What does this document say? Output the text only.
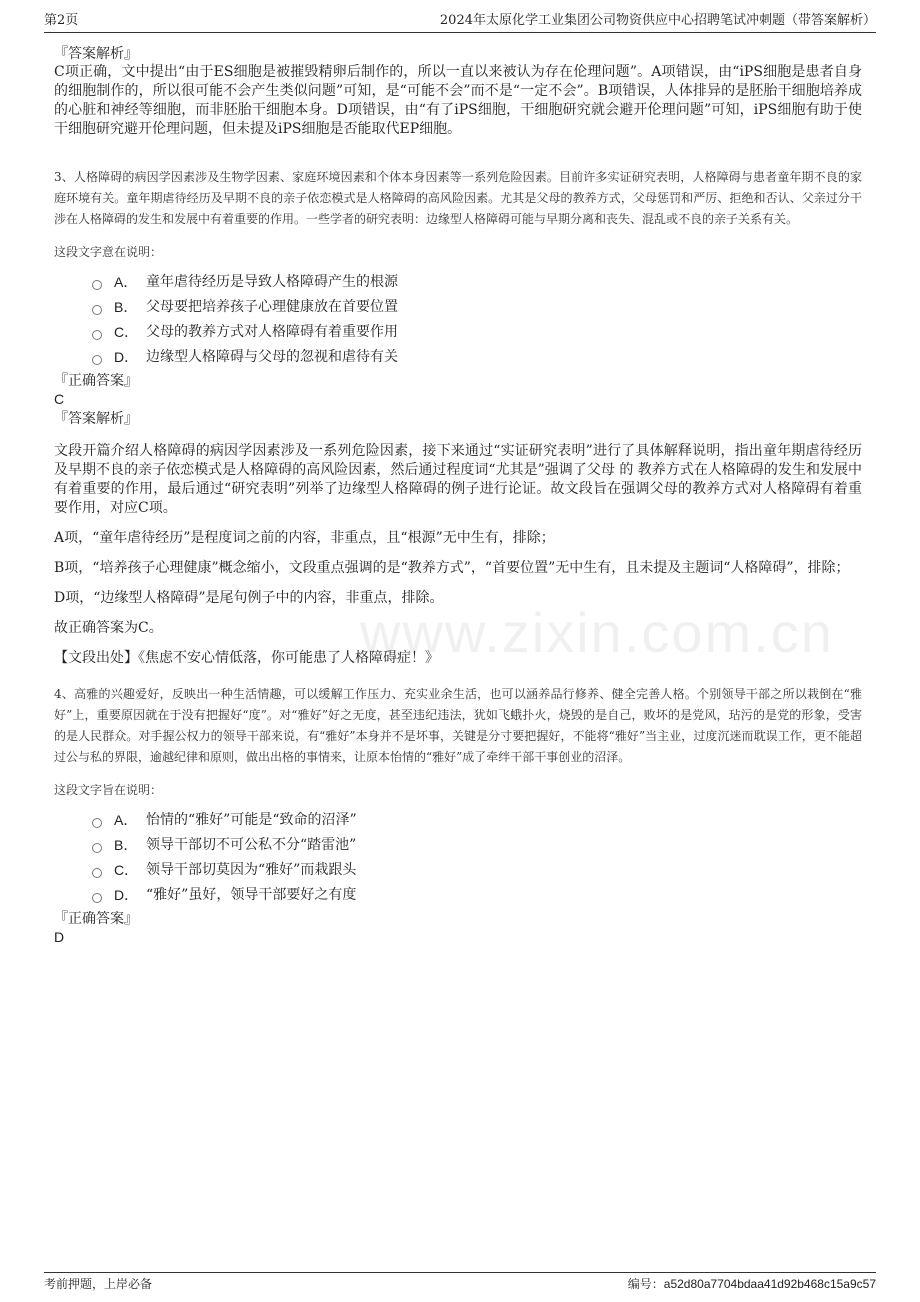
第2页	2024年太原化学工业集团公司物资供应中心招聘笔试冲刺题（带答案解析）
www.zixin.com.cn

『答案解析』

C项正确，文中提出“由于ES细胞是被摧毁精卵后制作的，所以一直以来被认为存在伦理问题”。A项错误，由“iPS细胞是患者自身的细胞制作的，所以很可能不会产生类似问题”可知，是“可能不会”而不是“一定不会”。B项错误，人体排异的是胚胎干细胞培养成的心脏和神经等细胞，而非胚胎干细胞本身。D项错误，由“有了iPS细胞，干细胞研究就会避开伦理问题”可知，iPS细胞有助于使干细胞研究避开伦理问题，但未提及iPS细胞是否能取代EP细胞。

3、人格障碍的病因学因素涉及生物学因素、家庭环境因素和个体本身因素等一系列危险因素。目前许多实证研究表明，人格障碍与患者童年期不良的家庭环境有关。童年期虐待经历及早期不良的亲子依恋模式是人格障碍的高风险因素。尤其是父母的教养方式，父母惩罚和严厉、拒绝和否认、父亲过分干涉在人格障碍的发生和发展中有着重要的作用。一些学者的研究表明：边缘型人格障碍可能与早期分离和丧失、混乱或不良的亲子关系有关。

这段文字意在说明：

A． 童年虐待经历是导致人格障碍产生的根源
B． 父母要把培养孩子心理健康放在首要位置
C． 父母的教养方式对人格障碍有着重要作用
D． 边缘型人格障碍与父母的忽视和虐待有关

『正确答案』

C

『答案解析』

文段开篇介绍人格障碍的病因学因素涉及一系列危险因素，接下来通过“实证研究表明”进行了具体解释说明，指出童年期虐待经历及早期不良的亲子依恋模式是人格障碍的高风险因素，然后通过程度词“尤其是”强调了父母 的 教养方式在人格障碍的发生和发展中有着重要的作用，最后通过“研究表明”列举了边缘型人格障碍的例子进行论证。故文段旨在强调父母的教养方式对人格障碍有着重要作用，对应C项。

A项，“童年虐待经历”是程度词之前的内容，非重点，且“根源”无中生有，排除；

B项，“培养孩子心理健康”概念缩小，文段重点强调的是“教养方式”，“首要位置”无中生有，且未提及主题词“人格障碍”，排除；

D项，“边缘型人格障碍”是尾句例子中的内容，非重点，排除。

故正确答案为C。

【文段出处】《焦虑不安心情低落，你可能患了人格障碍症！》

4、高雅的兴趣爱好，反映出一种生活情趣，可以缓解工作压力、充实业余生活，也可以涵养品行修养、健全完善人格。个别领导干部之所以栽倒在“雅好”上，重要原因就在于没有把握好“度”。对“雅好”好之无度，甚至违纪违法，犹如飞蛾扑火，烧毁的是自己，败坏的是党风，玷污的是党的形象，受害的是人民群众。对手握公权力的领导干部来说，有“雅好”本身并不是坏事，关键是分寸要把握好，不能将“雅好”当主业，过度沉迷而耽误工作，更不能超过公与私的界限，逾越纪律和原则，做出出格的事情来，让原本怡情的“雅好”成了牵绊干部干事创业的沼泽。

这段文字旨在说明：

A． 怡情的“雅好”可能是“致命的沼泽”
B． 领导干部切不可公私不分“踏雷池”
C． 领导干部切莫因为“雅好”而栽跟头
D． “雅好”虽好，领导干部要好之有度

『正确答案』

D

考前押题，上岸必备	编号：a52d80a7704bdaa41d92b468c15a9c57
